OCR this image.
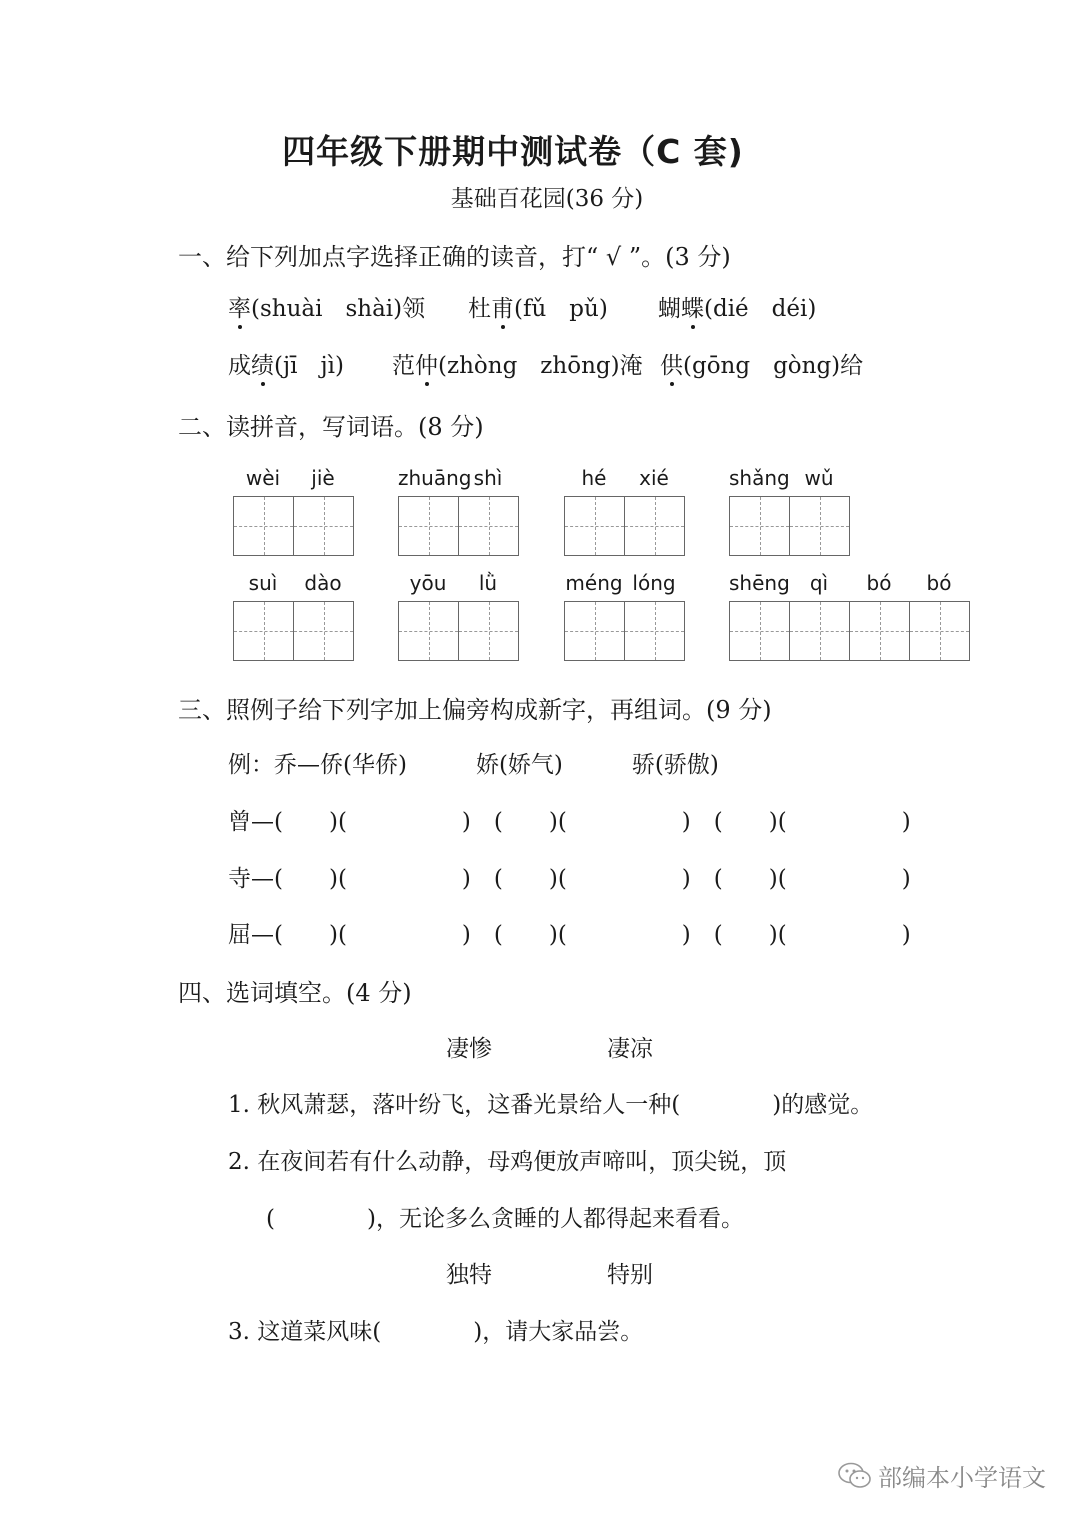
四年级下册期中测试卷（C 套)
基础百花园(36 分)
一、给下列加点字选择正确的读音，打“ √ ”。(3 分)
率(shuài　shài)领 杜甫(fǔ　pǔ) 蝴蝶(dié　déi)
成绩(jī　jì) 范仲(zhòng　zhōng)淹 供(gōng　gòng)给
二、读拼音，写词语。(8 分)
wèi	jiè	zhuāng shì	hé	xié	shǎng wǔ
suì	dào	yōu	lǜ	méng lóng	shēng	qì	bó	bó
三、照例子给下列字加上偏旁构成新字，再组词。(9 分)
例：乔—侨(华侨)　　　娇(娇气)　　　骄(骄傲)
曾—(　　)(　　　　　)　(　　)(　　　　　)　(　　)(　　　　　)
寺—(　　)(　　　　　)　(　　)(　　　　　)　(　　)(　　　　　)
屈—(　　)(　　　　　)　(　　)(　　　　　)　(　　)(　　　　　)
四、选词填空。(4 分)
凄惨　　　　　凄凉
1. 秋风萧瑟，落叶纷飞，这番光景给人一种(　　　　)的感觉。
2. 在夜间若有什么动静，母鸡便放声啼叫，顶尖锐，顶
(　　　　)，无论多么贪睡的人都得起来看看。
独特　　　　　特别
3. 这道菜风味(　　　　)，请大家品尝。
部编本小学语文
